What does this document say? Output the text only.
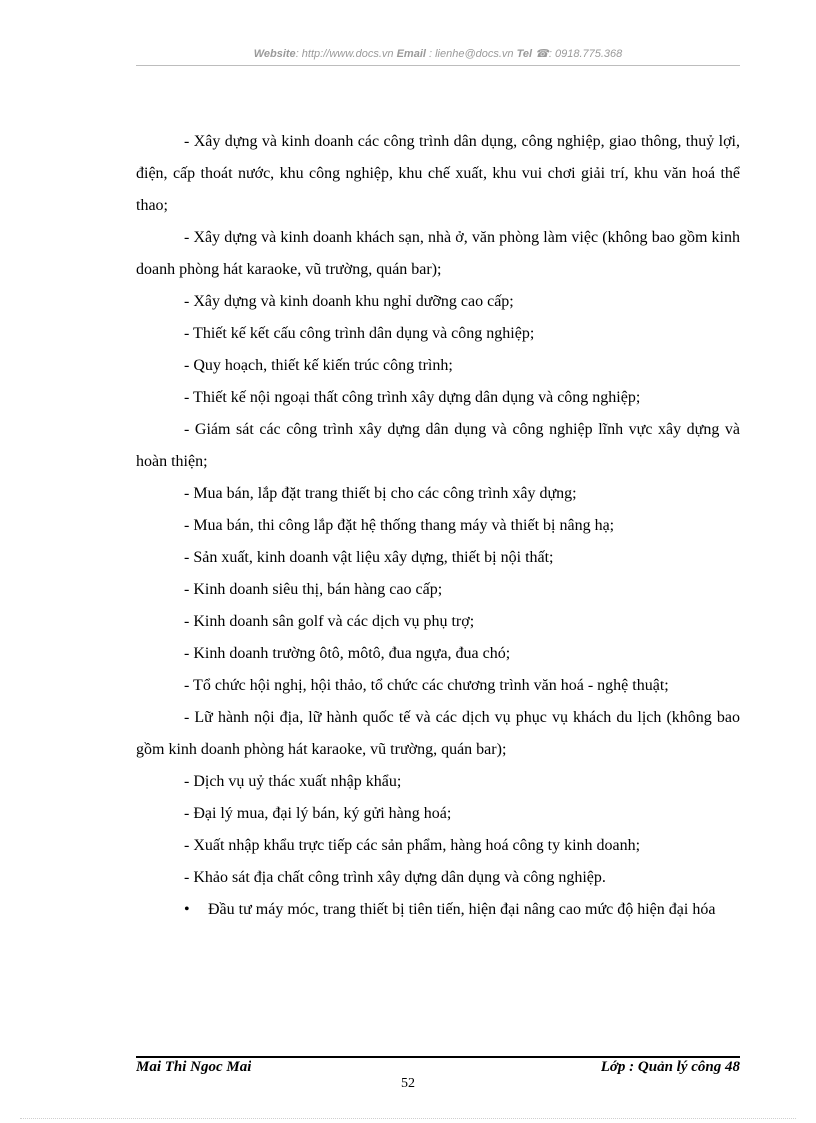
Website: http://www.docs.vn Email : lienhe@docs.vn Tel ☎: 0918.775.368

- Xây dựng và kinh doanh các công trình dân dụng, công nghiệp, giao thông, thuỷ lợi, điện, cấp thoát nước, khu công nghiệp, khu chế xuất, khu vui chơi giải trí, khu văn hoá thể thao;

- Xây dựng và kinh doanh khách sạn, nhà ở, văn phòng làm việc (không bao gồm kinh doanh phòng hát karaoke, vũ trường, quán bar);

- Xây dựng và kinh doanh khu nghỉ dưỡng cao cấp;

- Thiết kế kết cấu công trình dân dụng và công nghiệp;

- Quy hoạch, thiết kế kiến trúc công trình;

- Thiết kế nội ngoại thất công trình xây dựng dân dụng và công nghiệp;

- Giám sát các công trình xây dựng dân dụng và công nghiệp lĩnh vực xây dựng và hoàn thiện;

- Mua bán, lắp đặt trang thiết bị cho các công trình xây dựng;

- Mua bán, thi công lắp đặt hệ thống thang máy và thiết bị nâng hạ;

- Sản xuất, kinh doanh vật liệu xây dựng, thiết bị nội thất;

- Kinh doanh siêu thị, bán hàng cao cấp;

- Kinh doanh sân golf và các dịch vụ phụ trợ;

- Kinh doanh trường ôtô, môtô, đua ngựa, đua chó;

- Tổ chức hội nghị, hội thảo, tổ chức các chương trình văn hoá - nghệ thuật;

- Lữ hành nội địa, lữ hành quốc tế và các dịch vụ phục vụ khách du lịch (không bao gồm kinh doanh phòng hát karaoke, vũ trường, quán bar);

- Dịch vụ uỷ thác xuất nhập khẩu;

- Đại lý mua, đại lý bán, ký gửi hàng hoá;

- Xuất nhập khẩu trực tiếp các sản phẩm, hàng hoá công ty kinh doanh;

- Khảo sát địa chất công trình xây dựng dân dụng và công nghiệp.

• Đầu tư máy móc, trang thiết bị tiên tiến, hiện đại nâng cao mức độ hiện đại hóa

Mai Thi Ngoc Mai	Lớp : Quản lý công 48
52
